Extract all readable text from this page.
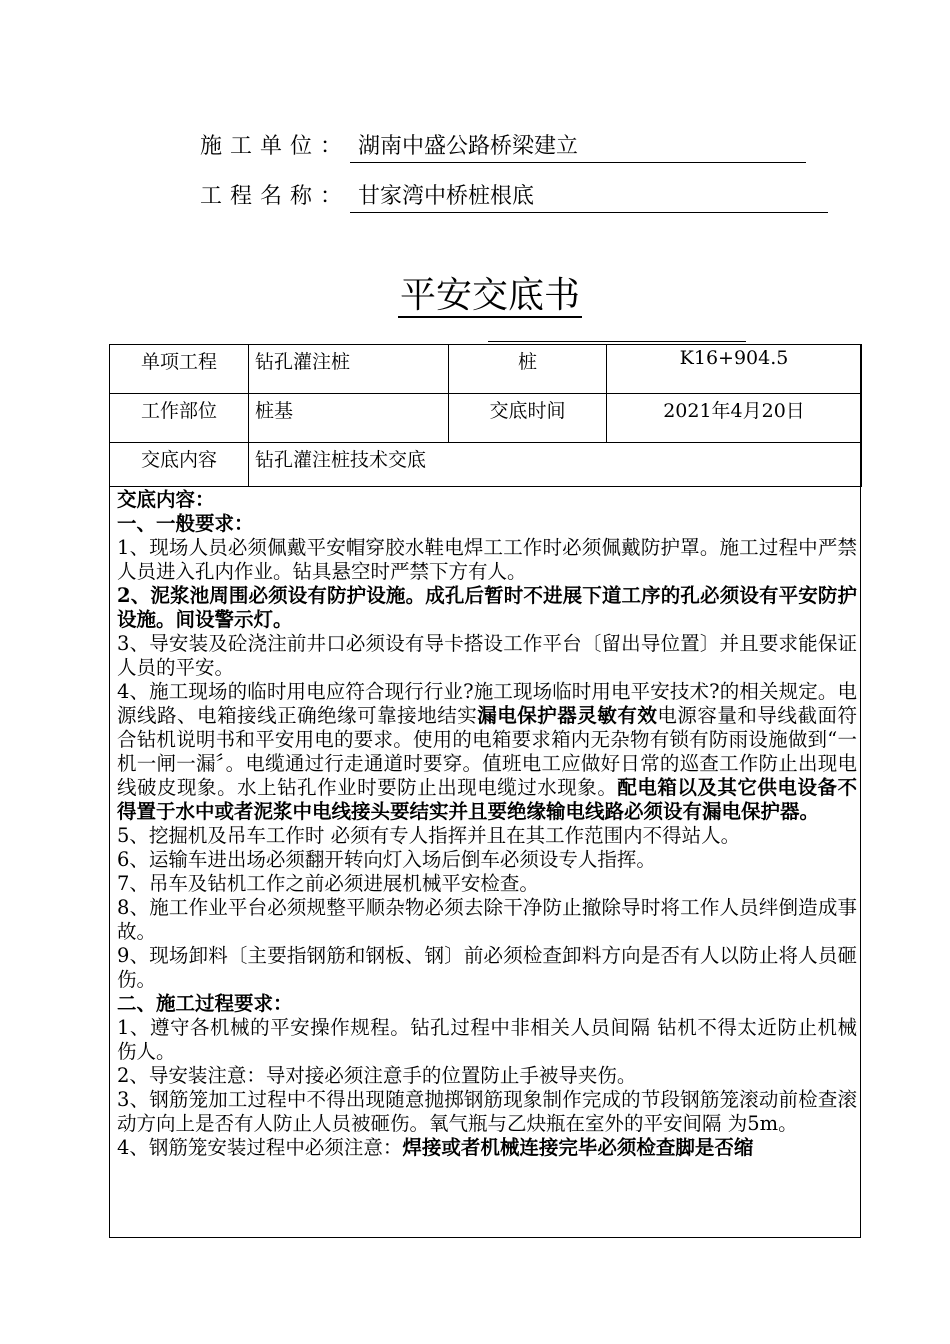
施工单位： 湖南中盛公路桥梁建立
工程名称： 甘家湾中桥桩根底
平安交底书
单项工程	钻孔灌注桩	桩	K16+904.5
工作部位	桩基	交底时间	2021年4月20日
交底内容	钻孔灌注桩技术交底		

交底内容：

一、一般要求：

1、现场人员必须佩戴平安帽穿胶水鞋电焊工工作时必须佩戴防护罩。施工过程中严禁人员进入孔内作业。钻具悬空时严禁下方有人。

2、泥浆池周围必须设有防护设施。成孔后暂时不进展下道工序的孔必须设有平安防护设施。间设警示灯。

3、导安装及砼浇注前井口必须设有导卡搭设工作平台〔留出导位置〕并且要求能保证人员的平安。

4、施工现场的临时用电应符合现行行业?施工现场临时用电平安技术?的相关规定。电源线路、电箱接线正确绝缘可靠接地结实漏电保护器灵敏有效电源容量和导线截面符合钻机说明书和平安用电的要求。使用的电箱要求箱内无杂物有锁有防雨设施做到“一机一闸一漏〞。电缆通过行走通道时要穿。值班电工应做好日常的巡查工作防止出现电线破皮现象。水上钻孔作业时要防止出现电缆过水现象。配电箱以及其它供电设备不得置于水中或者泥浆中电线接头要结实并且要绝缘输电线路必须设有漏电保护器。

5、挖掘机及吊车工作时 必须有专人指挥并且在其工作范围内不得站人。

6、运输车进出场必须翻开转向灯入场后倒车必须设专人指挥。

7、吊车及钻机工作之前必须进展机械平安检查。

8、施工作业平台必须规整平顺杂物必须去除干净防止撤除导时将工作人员绊倒造成事故。

9、现场卸料〔主要指钢筋和钢板、钢〕前必须检查卸料方向是否有人以防止将人员砸伤。

二、施工过程要求：

1、遵守各机械的平安操作规程。钻孔过程中非相关人员间隔 钻机不得太近防止机械伤人。

2、导安装注意：导对接必须注意手的位置防止手被导夹伤。

3、钢筋笼加工过程中不得出现随意抛掷钢筋现象制作完成的节段钢筋笼滚动前检查滚动方向上是否有人防止人员被砸伤。氧气瓶与乙炔瓶在室外的平安间隔 为5m。

4、钢筋笼安装过程中必须注意：焊接或者机械连接完毕必须检查脚是否缩
